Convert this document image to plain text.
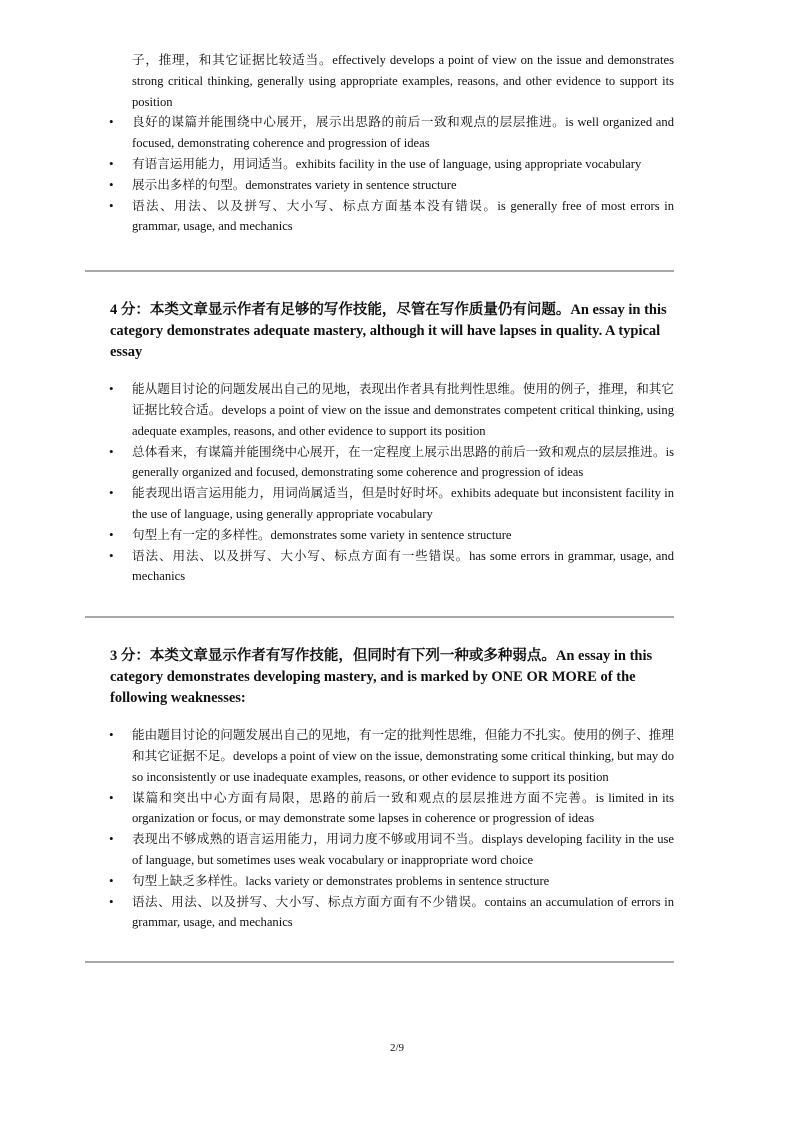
子，推理，和其它证据比较适当。effectively develops a point of view on the issue and demonstrates strong critical thinking, generally using appropriate examples, reasons, and other evidence to support its position
• 良好的谋篇并能围绕中心展开，展示出思路的前后一致和观点的层层推进。is well organized and focused, demonstrating coherence and progression of ideas
• 有语言运用能力，用词适当。exhibits facility in the use of language, using appropriate vocabulary
• 展示出多样的句型。demonstrates variety in sentence structure
• 语法、用法、以及拼写、大小写、标点方面基本没有错误。is generally free of most errors in grammar, usage, and mechanics
4 分：本类文章显示作者有足够的写作技能，尽管在写作质量仍有问题。An essay in this category demonstrates adequate mastery, although it will have lapses in quality. A typical essay
• 能从题目讨论的问题发展出自己的见地，表现出作者具有批判性思维。使用的例子，推理，和其它证据比较合适。develops a point of view on the issue and demonstrates competent critical thinking, using adequate examples, reasons, and other evidence to support its position
• 总体看来，有谋篇并能围绕中心展开，在一定程度上展示出思路的前后一致和观点的层层推进。is generally organized and focused, demonstrating some coherence and progression of ideas
• 能表现出语言运用能力，用词尚属适当，但是时好时坏。exhibits adequate but inconsistent facility in the use of language, using generally appropriate vocabulary
• 句型上有一定的多样性。demonstrates some variety in sentence structure
• 语法、用法、以及拼写、大小写、标点方面有一些错误。has some errors in grammar, usage, and mechanics
3 分：本类文章显示作者有写作技能，但同时有下列一种或多种弱点。An essay in this category demonstrates developing mastery, and is marked by ONE OR MORE of the following weaknesses:
• 能由题目讨论的问题发展出自己的见地，有一定的批判性思维，但能力不扎实。使用的例子、推理和其它证据不足。develops a point of view on the issue, demonstrating some critical thinking, but may do so inconsistently or use inadequate examples, reasons, or other evidence to support its position
• 谋篇和突出中心方面有局限，思路的前后一致和观点的层层推进方面不完善。is limited in its organization or focus, or may demonstrate some lapses in coherence or progression of ideas
• 表现出不够成熟的语言运用能力，用词力度不够或用词不当。displays developing facility in the use of language, but sometimes uses weak vocabulary or inappropriate word choice
• 句型上缺乏多样性。lacks variety or demonstrates problems in sentence structure
• 语法、用法、以及拼写、大小写、标点方面方面有不少错误。contains an accumulation of errors in grammar, usage, and mechanics
2/9
